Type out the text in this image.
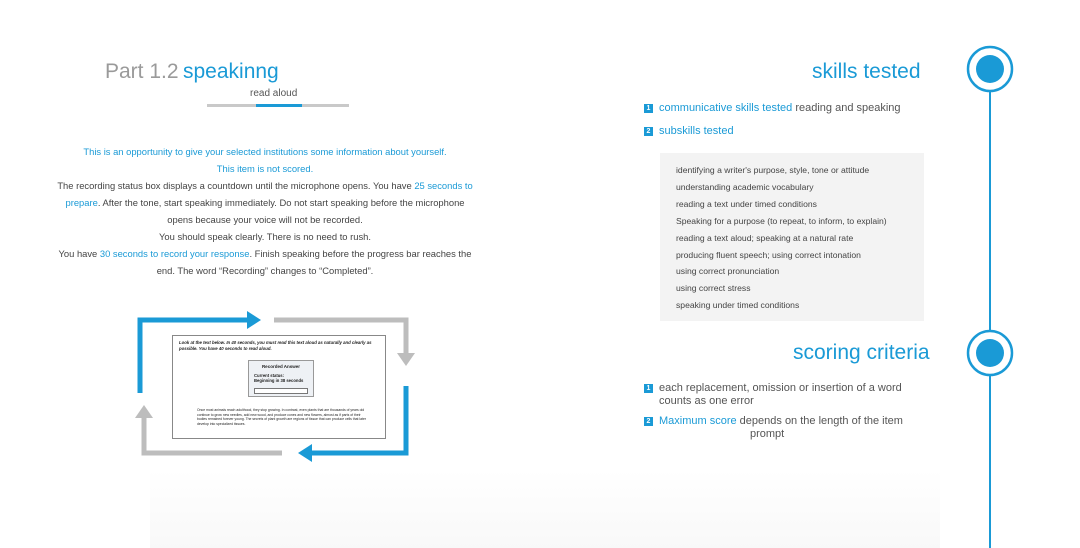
Part 1.2 speakinng
read aloud

This is an opportunity to give your selected institutions some information about yourself.

This item is not scored.

The recording status box displays a countdown until the microphone opens. You have 25 seconds to prepare. After the tone, start speaking immediately. Do not start speaking before the microphone opens because your voice will not be recorded.

You should speak clearly. There is no need to rush.

You have 30 seconds to record your response. Finish speaking before the progress bar reaches the end. The word “Recording” changes to “Completed”.

Look at the text below. In 40 seconds, you must read this text aloud as naturally and clearly as possible. You have 40 seconds to read aloud.
Recorded Answer
Current status:
Beginning in 38 seconds
Once most animals reach adulthood, they stop growing. In contrast, even plants that are thousands of years old continue to grow new needles, add new wood, and produce cones and new flowers, almost as if parts of their bodies remained forever young. The secrets of plant growth are regions of tissue that can produce cells that later develop into specialized tissues.
skills tested
1 communicative skills tested reading and speaking
2 subskills tested
identifying a writer's purpose, style, tone or attitude
understanding academic vocabulary
reading a text under timed conditions
Speaking for a purpose (to repeat, to inform, to explain)
reading a text aloud; speaking at a natural rate
producing fluent speech; using correct intonation
using correct pronunciation
using correct stress
speaking under timed conditions
scoring criteria
1 each replacement, omission or insertion of a word
counts as one error
2 Maximum score depends on the length of the item
prompt
